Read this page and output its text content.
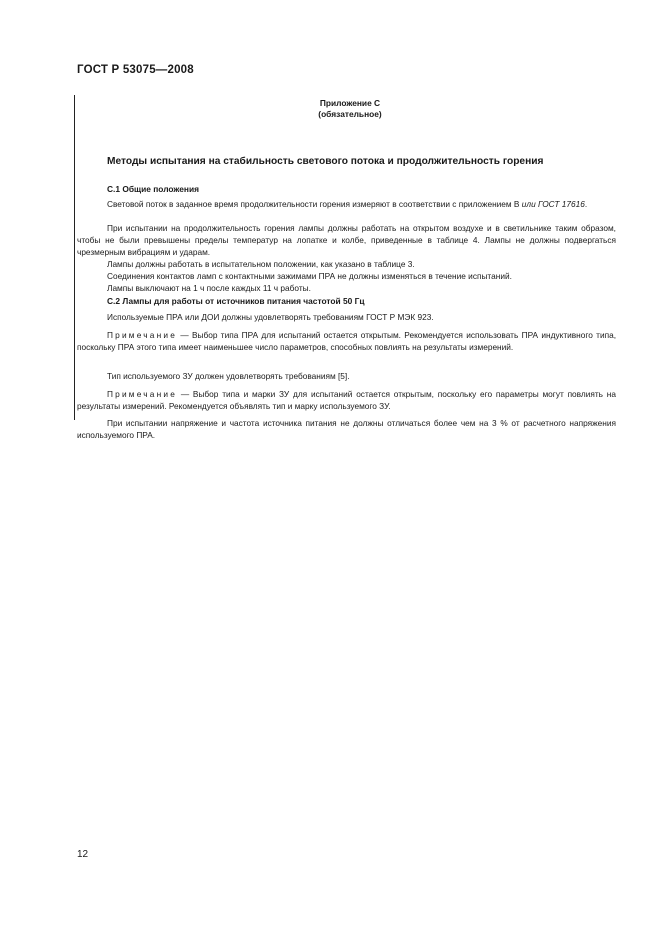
ГОСТ Р 53075—2008
Приложение С
(обязательное)
Методы испытания на стабильность светового потока и продолжительность горения
С.1 Общие положения
Световой поток в заданное время продолжительности горения измеряют в соответствии с приложением В или ГОСТ 17616.
При испытании на продолжительность горения лампы должны работать на открытом воздухе и в светильнике таким образом, чтобы не были превышены пределы температур на лопатке и колбе, приведенные в таблице 4. Лампы не должны подвергаться чрезмерным вибрациям и ударам.
Лампы должны работать в испытательном положении, как указано в таблице 3.
Соединения контактов ламп с контактными зажимами ПРА не должны изменяться в течение испытаний.
Лампы выключают на 1 ч после каждых 11 ч работы.
С.2 Лампы для работы от источников питания частотой 50 Гц
Используемые ПРА или ДОИ должны удовлетворять требованиям ГОСТ Р МЭК 923.
Примечание — Выбор типа ПРА для испытаний остается открытым. Рекомендуется использовать ПРА индуктивного типа, поскольку ПРА этого типа имеет наименьшее число параметров, способных повлиять на результаты измерений.
Тип используемого ЗУ должен удовлетворять требованиям [5].
Примечание — Выбор типа и марки ЗУ для испытаний остается открытым, поскольку его параметры могут повлиять на результаты измерений. Рекомендуется объявлять тип и марку используемого ЗУ.
При испытании напряжение и частота источника питания не должны отличаться более чем на 3 % от расчетного напряжения используемого ПРА.
12
